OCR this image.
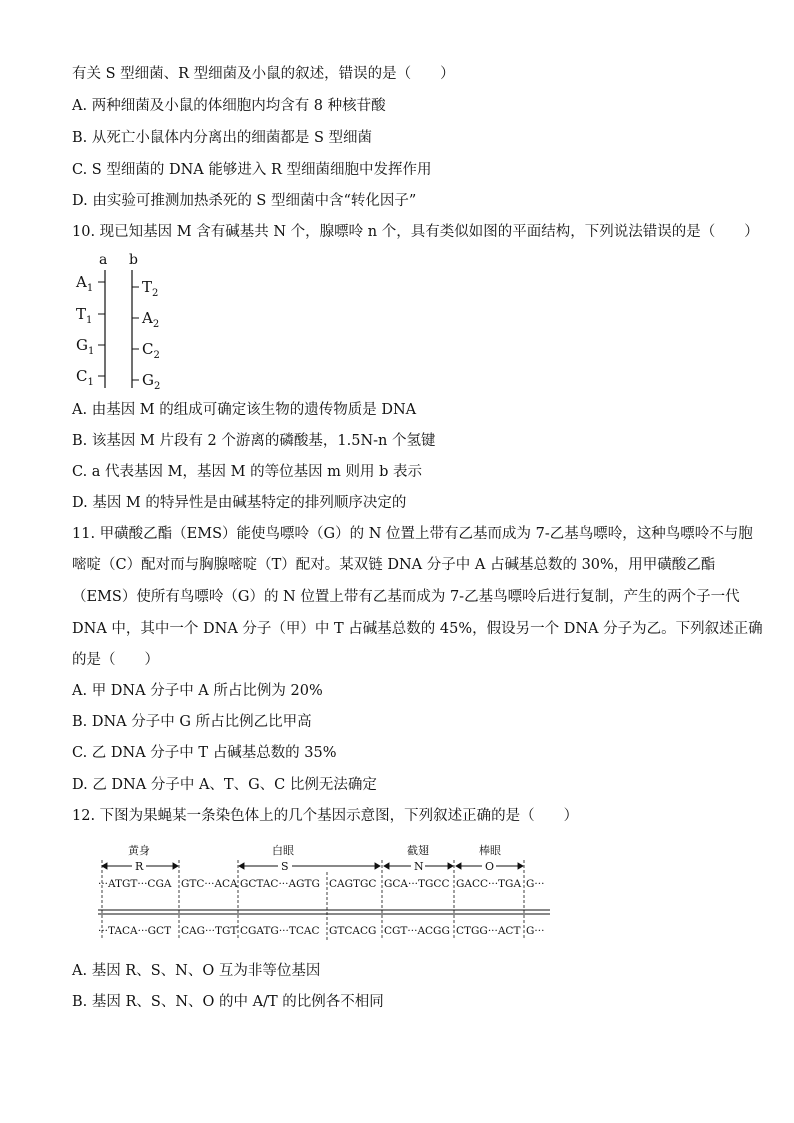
有关 S 型细菌、R 型细菌及小鼠的叙述，错误的是（　　）
A. 两种细菌及小鼠的体细胞内均含有 8 种核苷酸
B. 从死亡小鼠体内分离出的细菌都是 S 型细菌
C. S 型细菌的 DNA 能够进入 R 型细菌细胞中发挥作用
D. 由实验可推测加热杀死的 S 型细菌中含“转化因子”
10. 现已知基因 M 含有碱基共 N 个，腺嘌呤 n 个，具有类似如图的平面结构，下列说法错误的是（　　）
a b
$A_1$
$T_1$
$G_1$
$C_1$
$T_2$
$A_2$
$C_2$
$G_2$
A. 由基因 M 的组成可确定该生物的遗传物质是 DNA
B. 该基因 M 片段有 2 个游离的磷酸基，1.5N-n 个氢键
C. a 代表基因 M，基因 M 的等位基因 m 则用 b 表示
D. 基因 M 的特异性是由碱基特定的排列顺序决定的
11. 甲磺酸乙酯（EMS）能使鸟嘌呤（G）的 N 位置上带有乙基而成为 7-乙基鸟嘌呤，这种鸟嘌呤不与胞
嘧啶（C）配对而与胸腺嘧啶（T）配对。某双链 DNA 分子中 A 占碱基总数的 30%，用甲磺酸乙酯
（EMS）使所有鸟嘌呤（G）的 N 位置上带有乙基而成为 7-乙基鸟嘌呤后进行复制，产生的两个子一代
DNA 中，其中一个 DNA 分子（甲）中 T 占碱基总数的 45%，假设另一个 DNA 分子为乙。下列叙述正确
的是（　　）
A. 甲 DNA 分子中 A 所占比例为 20%
B. DNA 分子中 G 所占比例乙比甲高
C. 乙 DNA 分子中 T 占碱基总数的 35%
D. 乙 DNA 分子中 A、T、G、C 比例无法确定
12. 下图为果蝇某一条染色体上的几个基因示意图，下列叙述正确的是（　　）
黄身	白眼	截翅	棒眼
R	S	N	O
···ATGT···CGA GTC···ACA GCTAC···AGTG CAGTGC GCA···TGCC GACC···TGA G···
···TACA···GCT CAG···TGT CGATG···TCAC GTCACG CGT···ACGG CTGG···ACT G···
A. 基因 R、S、N、O 互为非等位基因
B. 基因 R、S、N、O 的中 A/T 的比例各不相同
